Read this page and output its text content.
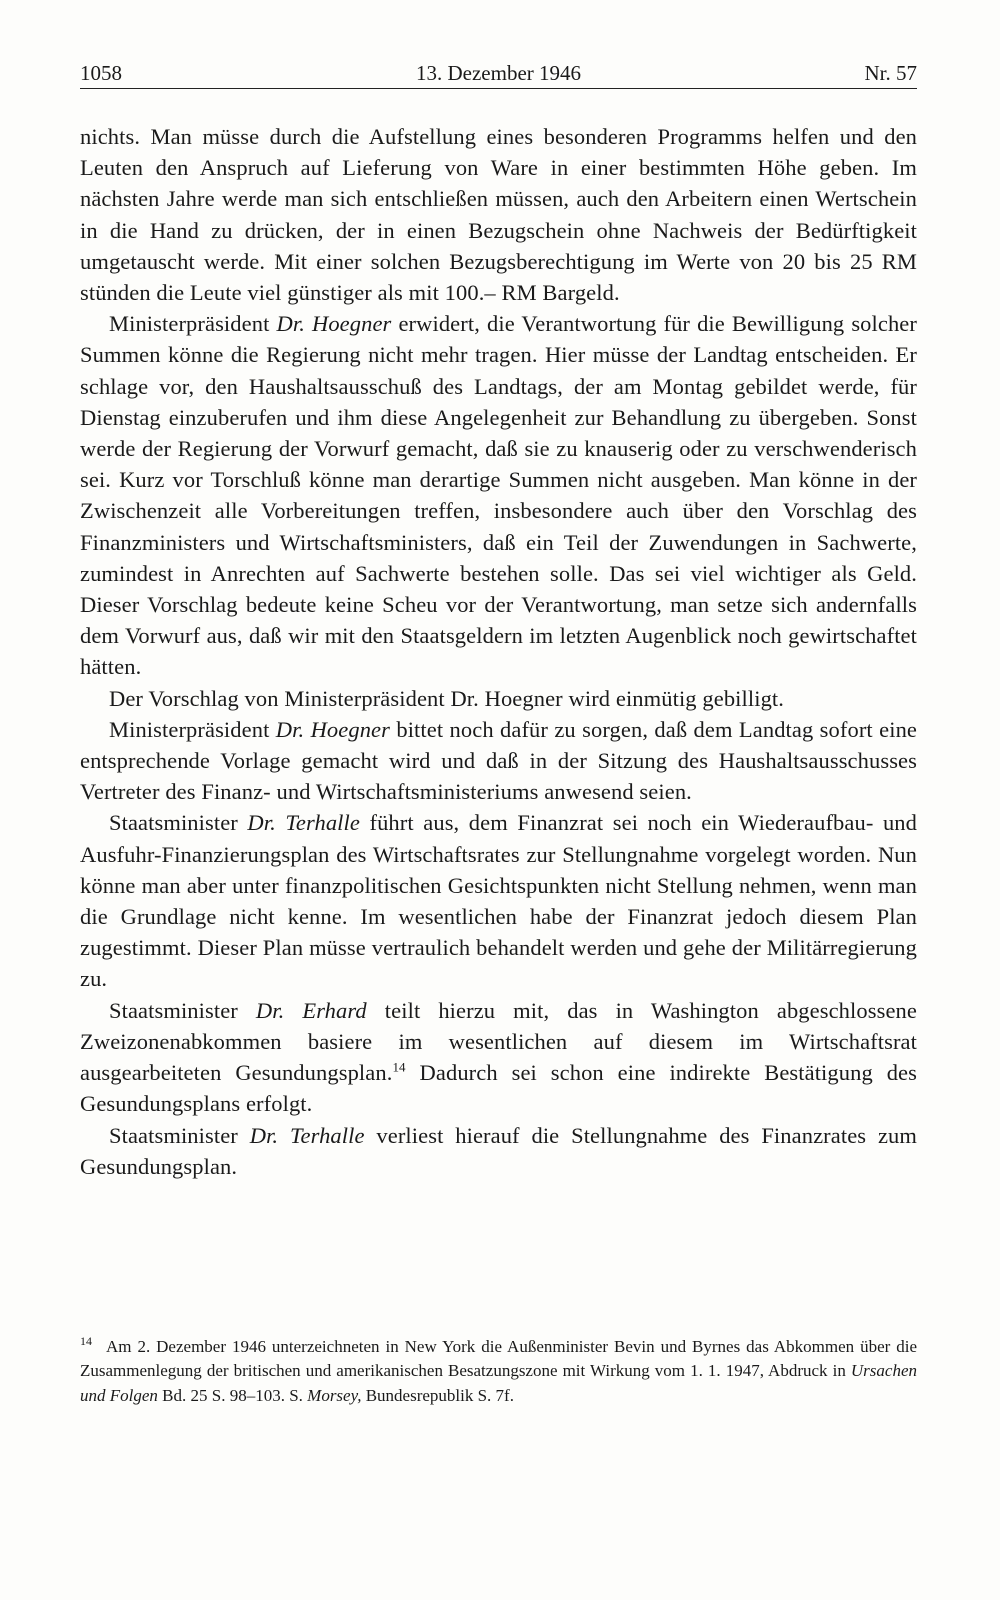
1058	13. Dezember 1946	Nr. 57

nichts. Man müsse durch die Aufstellung eines besonderen Programms helfen und den Leuten den Anspruch auf Lieferung von Ware in einer bestimmten Höhe geben. Im nächsten Jahre werde man sich entschließen müssen, auch den Arbeitern einen Wertschein in die Hand zu drücken, der in einen Bezugschein ohne Nachweis der Bedürftigkeit umgetauscht werde. Mit einer solchen Bezugsberechtigung im Werte von 20 bis 25 RM stünden die Leute viel günstiger als mit 100.– RM Bargeld.

Ministerpräsident Dr. Hoegner erwidert, die Verantwortung für die Bewilligung solcher Summen könne die Regierung nicht mehr tragen. Hier müsse der Landtag entscheiden. Er schlage vor, den Haushaltsausschuß des Landtags, der am Montag gebildet werde, für Dienstag einzuberufen und ihm diese Angelegenheit zur Behandlung zu übergeben. Sonst werde der Regierung der Vorwurf gemacht, daß sie zu knauserig oder zu verschwenderisch sei. Kurz vor Torschluß könne man derartige Summen nicht ausgeben. Man könne in der Zwischenzeit alle Vorbereitungen treffen, insbesondere auch über den Vorschlag des Finanzministers und Wirtschaftsministers, daß ein Teil der Zuwendungen in Sachwerte, zumindest in Anrechten auf Sachwerte bestehen solle. Das sei viel wichtiger als Geld. Dieser Vorschlag bedeute keine Scheu vor der Verantwortung, man setze sich andernfalls dem Vorwurf aus, daß wir mit den Staatsgeldern im letzten Augenblick noch gewirtschaftet hätten.

Der Vorschlag von Ministerpräsident Dr. Hoegner wird einmütig gebilligt.

Ministerpräsident Dr. Hoegner bittet noch dafür zu sorgen, daß dem Landtag sofort eine entsprechende Vorlage gemacht wird und daß in der Sitzung des Haushaltsausschusses Vertreter des Finanz- und Wirtschaftsministeriums anwesend seien.

Staatsminister Dr. Terhalle führt aus, dem Finanzrat sei noch ein Wiederaufbau- und Ausfuhr-Finanzierungsplan des Wirtschaftsrates zur Stellungnahme vorgelegt worden. Nun könne man aber unter finanzpolitischen Gesichtspunkten nicht Stellung nehmen, wenn man die Grundlage nicht kenne. Im wesentlichen habe der Finanzrat jedoch diesem Plan zugestimmt. Dieser Plan müsse vertraulich behandelt werden und gehe der Militärregierung zu.

Staatsminister Dr. Erhard teilt hierzu mit, das in Washington abgeschlossene Zweizonenabkommen basiere im wesentlichen auf diesem im Wirtschaftsrat ausgearbeiteten Gesundungsplan.$^{14}$ Dadurch sei schon eine indirekte Bestätigung des Gesundungsplans erfolgt.

Staatsminister Dr. Terhalle verliest hierauf die Stellungnahme des Finanzrates zum Gesundungsplan.

$^{14}$ Am 2. Dezember 1946 unterzeichneten in New York die Außenminister Bevin und Byrnes das Abkommen über die Zusammenlegung der britischen und amerikanischen Besatzungszone mit Wirkung vom 1. 1. 1947, Abdruck in Ursachen und Folgen Bd. 25 S. 98–103. S. Morsey, Bundesrepublik S. 7f.
